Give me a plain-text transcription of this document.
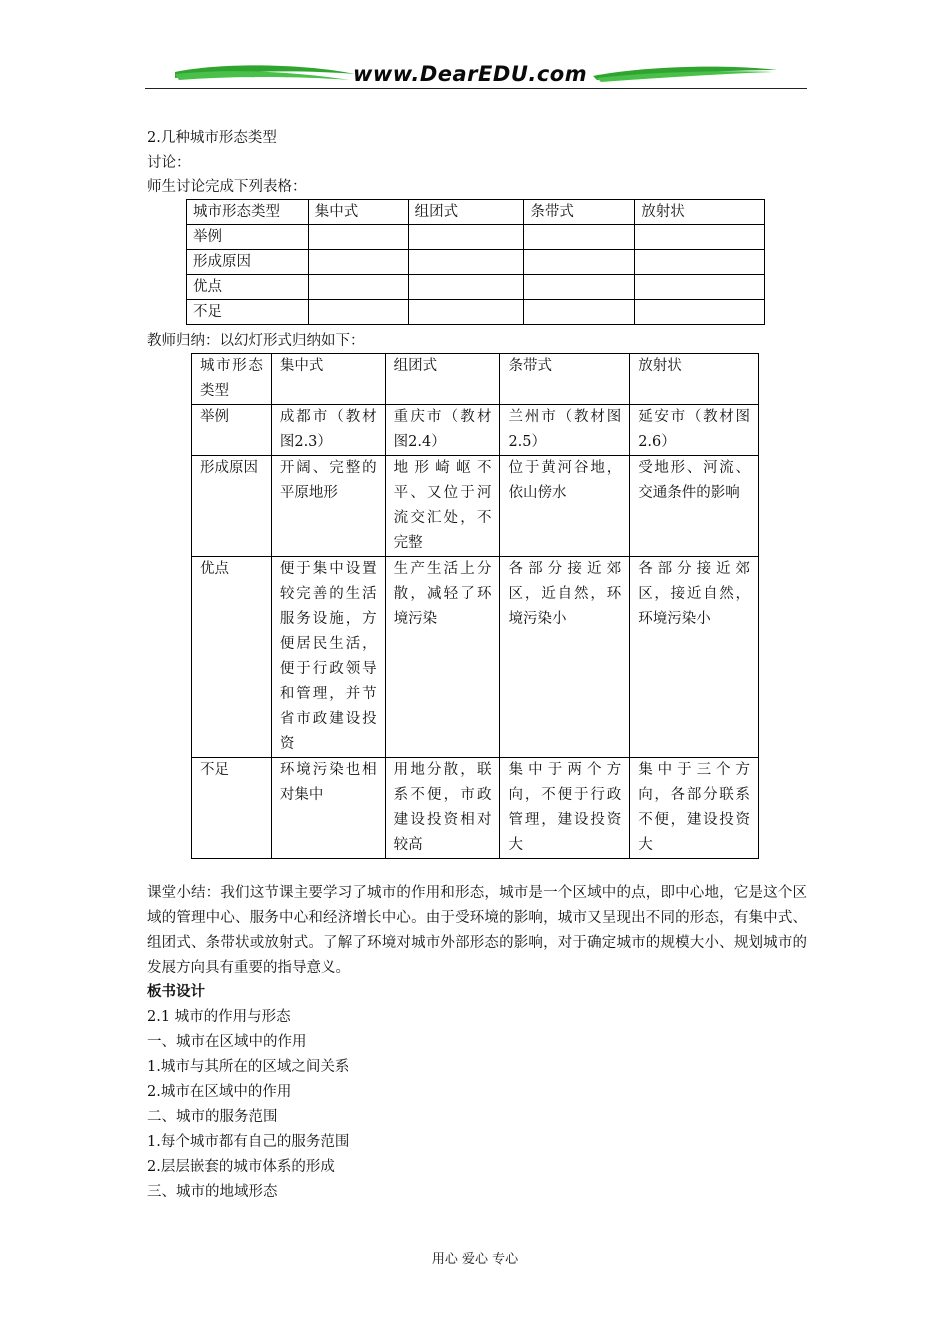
www.DearEDU.com
2.几种城市形态类型
讨论：
师生讨论完成下列表格：
城市形态类型	集中式	组团式	条带式	放射状
举例				
形成原因				
优点				
不足				
教师归纳：以幻灯形式归纳如下：
城市形态类型	集中式	组团式	条带式	放射状
举例	成都市（教材图2.3）	重庆市（教材图2.4）	兰州市（教材图2.5）	延安市（教材图2.6）
形成原因	开阔、完整的平原地形	地形崎岖不平、又位于河流交汇处，不完整	位于黄河谷地，依山傍水	受地形、河流、交通条件的影响
优点	便于集中设置较完善的生活服务设施，方便居民生活，便于行政领导和管理，并节省市政建设投资	生产生活上分散，减轻了环境污染	各部分接近郊区，近自然，环境污染小	各部分接近郊区，接近自然，环境污染小
不足	环境污染也相对集中	用地分散，联系不便，市政建设投资相对较高	集中于两个方向，不便于行政管理，建设投资大	集中于三个方向，各部分联系不便，建设投资大
课堂小结：我们这节课主要学习了城市的作用和形态，城市是一个区域中的点，即中心地，它是这个区域的管理中心、服务中心和经济增长中心。由于受环境的影响，城市又呈现出不同的形态，有集中式、组团式、条带状或放射式。了解了环境对城市外部形态的影响，对于确定城市的规模大小、规划城市的发展方向具有重要的指导意义。
板书设计
2.1 城市的作用与形态
一、城市在区域中的作用
1.城市与其所在的区域之间关系
2.城市在区域中的作用
二、城市的服务范围
1.每个城市都有自己的服务范围
2.层层嵌套的城市体系的形成
三、城市的地域形态
用心 爱心 专心
